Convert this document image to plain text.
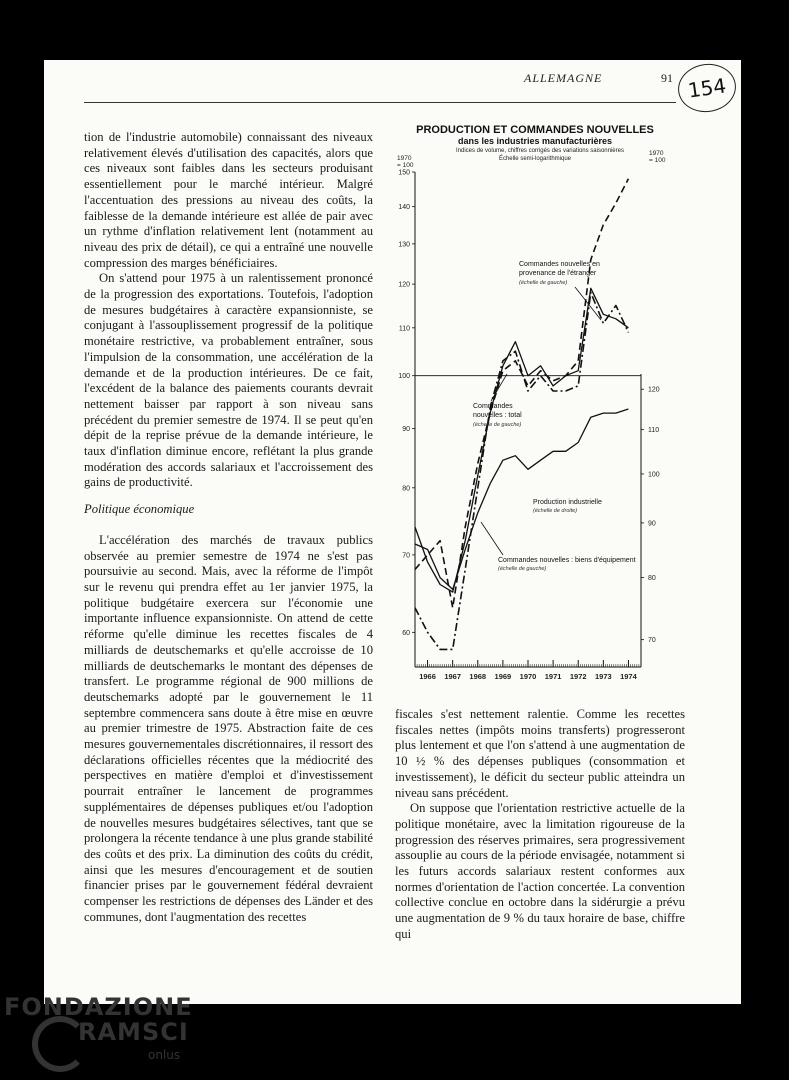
ALLEMAGNE	91 154

tion de l'industrie automobile) connaissant des niveaux relativement élevés d'utilisation des capacités, alors que ces niveaux sont faibles dans les secteurs produisant essentiellement pour le marché intérieur. Malgré l'accentuation des pressions au niveau des coûts, la faiblesse de la demande intérieure est allée de pair avec un rythme d'inflation relativement lent (notamment au niveau des prix de détail), ce qui a entraîné une nouvelle compression des marges bénéficiaires.

On s'attend pour 1975 à un ralentissement prononcé de la progression des exportations. Toutefois, l'adoption de mesures budgétaires à caractère expansionniste, se conjugant à l'assouplissement progressif de la politique monétaire restrictive, va probablement entraîner, sous l'impulsion de la consommation, une accélération de la demande et de la production intérieures. De ce fait, l'excédent de la balance des paiements courants devrait nettement baisser par rapport à son niveau sans précédent du premier semestre de 1974. Il se peut qu'en dépit de la reprise prévue de la demande intérieure, le taux d'inflation diminue encore, reflétant la plus grande modération des accords salariaux et l'accroissement des gains de productivité.

Politique économique

L'accélération des marchés de travaux publics observée au premier semestre de 1974 ne s'est pas poursuivie au second. Mais, avec la réforme de l'impôt sur le revenu qui prendra effet au 1er janvier 1975, la politique budgétaire exercera sur l'économie une importante influence expansionniste. On attend de cette réforme qu'elle diminue les recettes fiscales de 4 milliards de deutschemarks et qu'elle accroisse de 10 milliards de deutschemarks le montant des dépenses de transfert. Le programme régional de 900 millions de deutschemarks adopté par le gouvernement le 11 septembre commencera sans doute à être mise en œuvre au premier trimestre de 1975. Abstraction faite de ces mesures gouvernementales discrétionnaires, il ressort des déclarations officielles récentes que la médiocrité des perspectives en matière d'emploi et d'investissement pourrait entraîner le lancement de programmes supplémentaires de dépenses publiques et/ou l'adoption de nouvelles mesures budgétaires sélectives, tant que se prolongera la récente tendance à une plus grande stabilité des coûts et des prix. La diminution des coûts du crédit, ainsi que les mesures d'encouragement et de soutien financier prises par le gouvernement fédéral devraient compenser les restrictions de dépenses des Länder et des communes, dont l'augmentation des recettes

PRODUCTION ET COMMANDES NOUVELLES
dans les industries manufacturières
Indices de volume, chiffres corrigés des variations saisonnières
Échelle semi-logarithmique
1970
= 100
1970
= 100
150
140
130
120
110
100
90
80
70
60
120
110
100
90
80
70
1966 1967 1968 1969 1970 1971 1972 1973 1974
Commandes nouvelles en
provenance de l'étranger
(échelle de gauche)
Commandes
nouvelles : total
(échelle de gauche)
Production industrielle
(échelle de droite)
Commandes nouvelles : biens d'équipement
(échelle de gauche)

fiscales s'est nettement ralentie. Comme les recettes fiscales nettes (impôts moins transferts) progresseront plus lentement et que l'on s'attend à une augmentation de 10 ½ % des dépenses publiques (consommation et investissement), le déficit du secteur public atteindra un niveau sans précédent.

On suppose que l'orientation restrictive actuelle de la politique monétaire, avec la limitation rigoureuse de la progression des réserves primaires, sera progressivement assouplie au cours de la période envisagée, notamment si les futurs accords salariaux restent conformes aux normes d'orientation de l'action concertée. La convention collective conclue en octobre dans la sidérurgie a prévu une augmentation de 9 % du taux horaire de base, chiffre qui

FONDAZIONE
RAMSCI
onlus
